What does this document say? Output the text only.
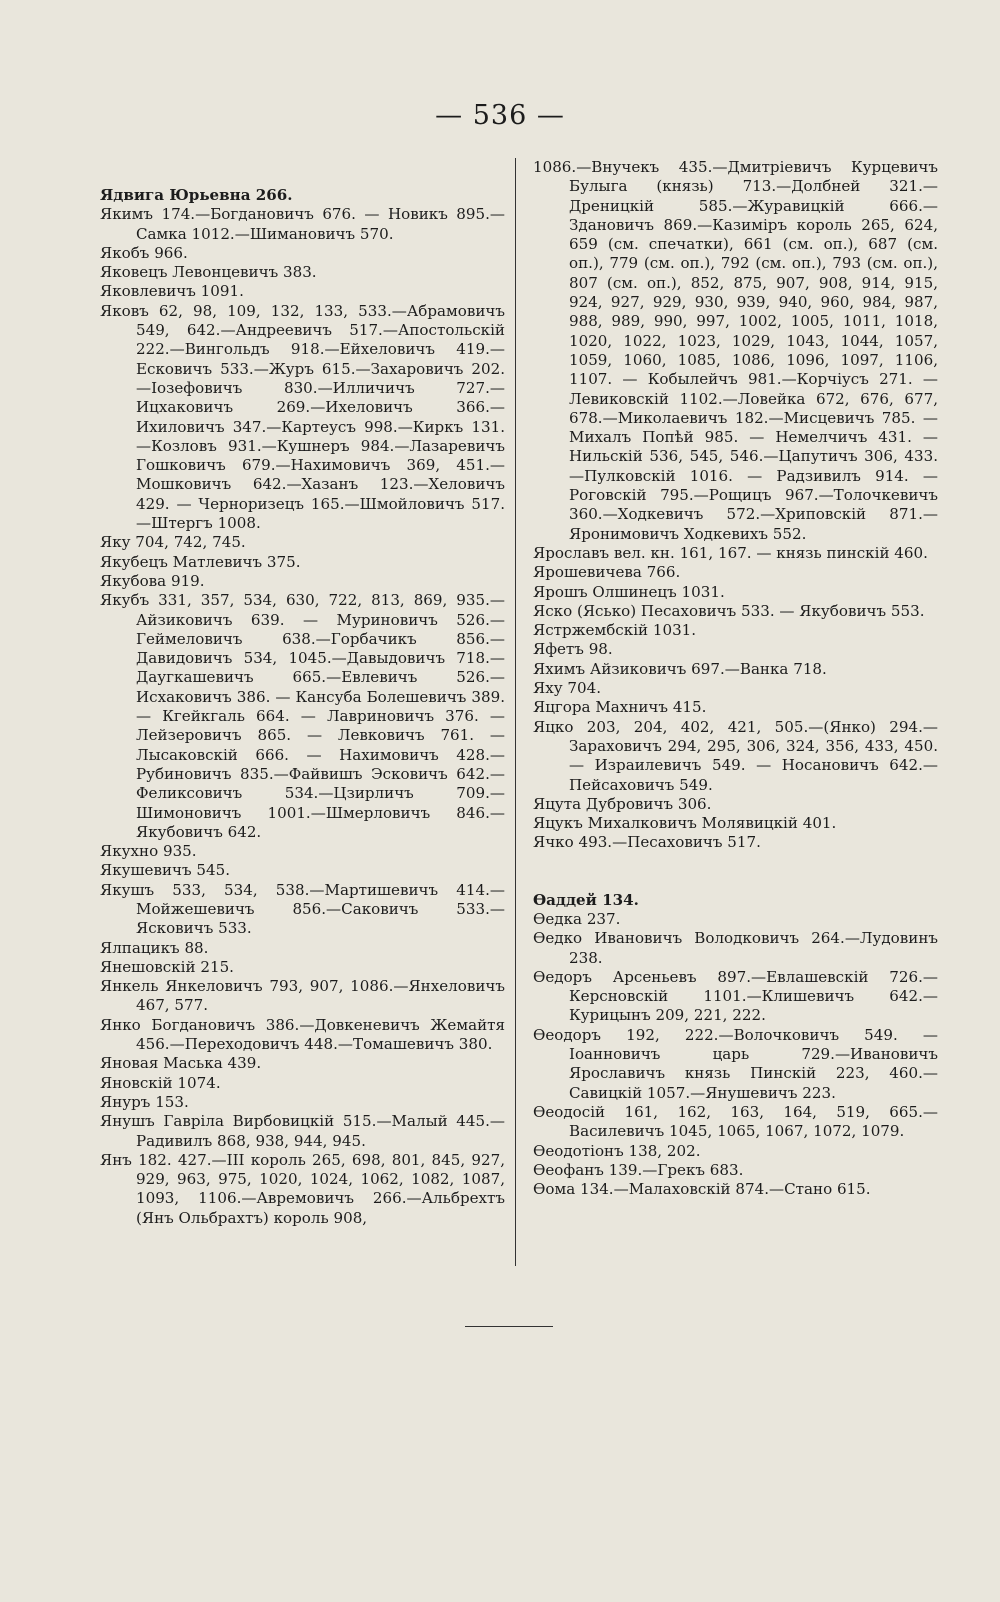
— 536 —
Ядвига Юрьевна 266.
Якимъ 174.—Богдановичъ 676. — Новикъ 895.—Самка 1012.—Шимановичъ 570.
Якобъ 966.
Яковецъ Левонцевичъ 383.
Яковлевичъ 1091.
Яковъ 62, 98, 109, 132, 133, 533.—Абрамовичъ 549, 642.—Андреевичъ 517.—Апостольскій 222.—Вингольдъ 918.—Ейхеловичъ 419.—Есковичъ 533.—Журъ 615.—Захаровичъ 202.—Іозефовичъ 830.—Илличичъ 727.—Ицхаковичъ 269.—Ихеловичъ 366.—Ихиловичъ 347.—Картеусъ 998.—Киркъ 131.—Козловъ 931.—Кушнеръ 984.—Лазаревичъ Гошковичъ 679.—Нахимовичъ 369, 451.—Мошковичъ 642.—Хазанъ 123.—Хеловичъ 429. — Черноризецъ 165.—Шмойловичъ 517.—Штергъ 1008.
Яку 704, 742, 745.
Якубецъ Матлевичъ 375.
Якубова 919.
Якубъ 331, 357, 534, 630, 722, 813, 869, 935.—Айзиковичъ 639. — Муриновичъ 526.—Геймеловичъ 638.—Горбачикъ 856.—Давидовичъ 534, 1045.—Давыдовичъ 718.—Даугкашевичъ 665.—Евлевичъ 526.—Исхаковичъ 386. — Кансуба Болешевичъ 389. — Кгейкгаль 664. — Лавриновичъ 376. — Лейзеровичъ 865. — Левковичъ 761. — Лысаковскій 666. — Нахимовичъ 428.—Рубиновичъ 835.—Файвишъ Эсковичъ 642.—Феликсовичъ 534.—Цзирличъ 709.—Шимоновичъ 1001.—Шмерловичъ 846.—Якубовичъ 642.
Якухно 935.
Якушевичъ 545.
Якушъ 533, 534, 538.—Мартишевичъ 414.—Мойжешевичъ 856.—Саковичъ 533.—Ясковичъ 533.
Ялпацикъ 88.
Янешовскій 215.
Янкель Янкеловичъ 793, 907, 1086.—Янхеловичъ 467, 577.
Янко Богдановичъ 386.—Довкеневичъ Жемайтя 456.—Переходовичъ 448.—Томашевичъ 380.
Яновая Маська 439.
Яновскій 1074.
Януръ 153.
Янушъ Гавріла Вирбовицкій 515.—Малый 445.—Радивилъ 868, 938, 944, 945.
Янъ 182. 427.—III король 265, 698, 801, 845, 927, 929, 963, 975, 1020, 1024, 1062, 1082, 1087, 1093, 1106.—Авремовичъ 266.—Альбрехтъ (Янъ Ольбрахтъ) король 908,
1086.—Внучекъ 435.—Дмитріевичъ Курцевичъ Булыга (князь) 713.—Долбней 321.—Дреницкій 585.—Журавицкій 666.—Здановичъ 869.—Казиміръ король 265, 624, 659 (см. спечатки), 661 (см. оп.), 687 (см. оп.), 779 (см. оп.), 792 (см. оп.), 793 (см. оп.), 807 (см. оп.), 852, 875, 907, 908, 914, 915, 924, 927, 929, 930, 939, 940, 960, 984, 987, 988, 989, 990, 997, 1002, 1005, 1011, 1018, 1020, 1022, 1023, 1029, 1043, 1044, 1057, 1059, 1060, 1085, 1086, 1096, 1097, 1106, 1107. — Кобылейчъ 981.—Корчіусъ 271. — Левиковскій 1102.—Ловейка 672, 676, 677, 678.—Миколаевичъ 182.—Мисцевичъ 785. — Михалъ Попѣй 985. — Немелчичъ 431. — Нильскій 536, 545, 546.—Цапутичъ 306, 433.—Пулковскій 1016. — Радзивилъ 914. — Роговскій 795.—Рощицъ 967.—Толочкевичъ 360.—Ходкевичъ 572.—Хриповскій 871.—Яронимовичъ Ходкевихъ 552.
Ярославъ вел. кн. 161, 167. — князь пинскій 460.
Ярошевичева 766.
Ярошъ Олшинецъ 1031.
Яско (Ясько) Песаховичъ 533. — Якубовичъ 553.
Ястржембскій 1031.
Яфетъ 98.
Яхимъ Айзиковичъ 697.—Ванка 718.
Яху 704.
Яцгора Махничъ 415.
Яцко 203, 204, 402, 421, 505.—(Янко) 294.—Зараховичъ 294, 295, 306, 324, 356, 433, 450. — Израилевичъ 549. — Носановичъ 642.—Пейсаховичъ 549.
Яцута Дубровичъ 306.
Яцукъ Михалковичъ Молявицкій 401.
Ячко 493.—Песаховичъ 517.
Ѳаддей 134.
Ѳедка 237.
Ѳедко Ивановичъ Володковичъ 264.—Лудовинъ 238.
Ѳедоръ Арсеньевъ 897.—Евлашевскій 726.—Керсновскій 1101.—Клишевичъ 642.—Курицынъ 209, 221, 222.
Ѳеодоръ 192, 222.—Волочковичъ 549. —Іоанновичъ царь 729.—Ивановичъ Ярославичъ князь Пинскій 223, 460.—Савицкій 1057.—Янушевичъ 223.
Ѳеодосій 161, 162, 163, 164, 519, 665.—Василевичъ 1045, 1065, 1067, 1072, 1079.
Ѳеодотіонъ 138, 202.
Ѳеофанъ 139.—Грекъ 683.
Ѳома 134.—Малаховскій 874.—Стано 615.
